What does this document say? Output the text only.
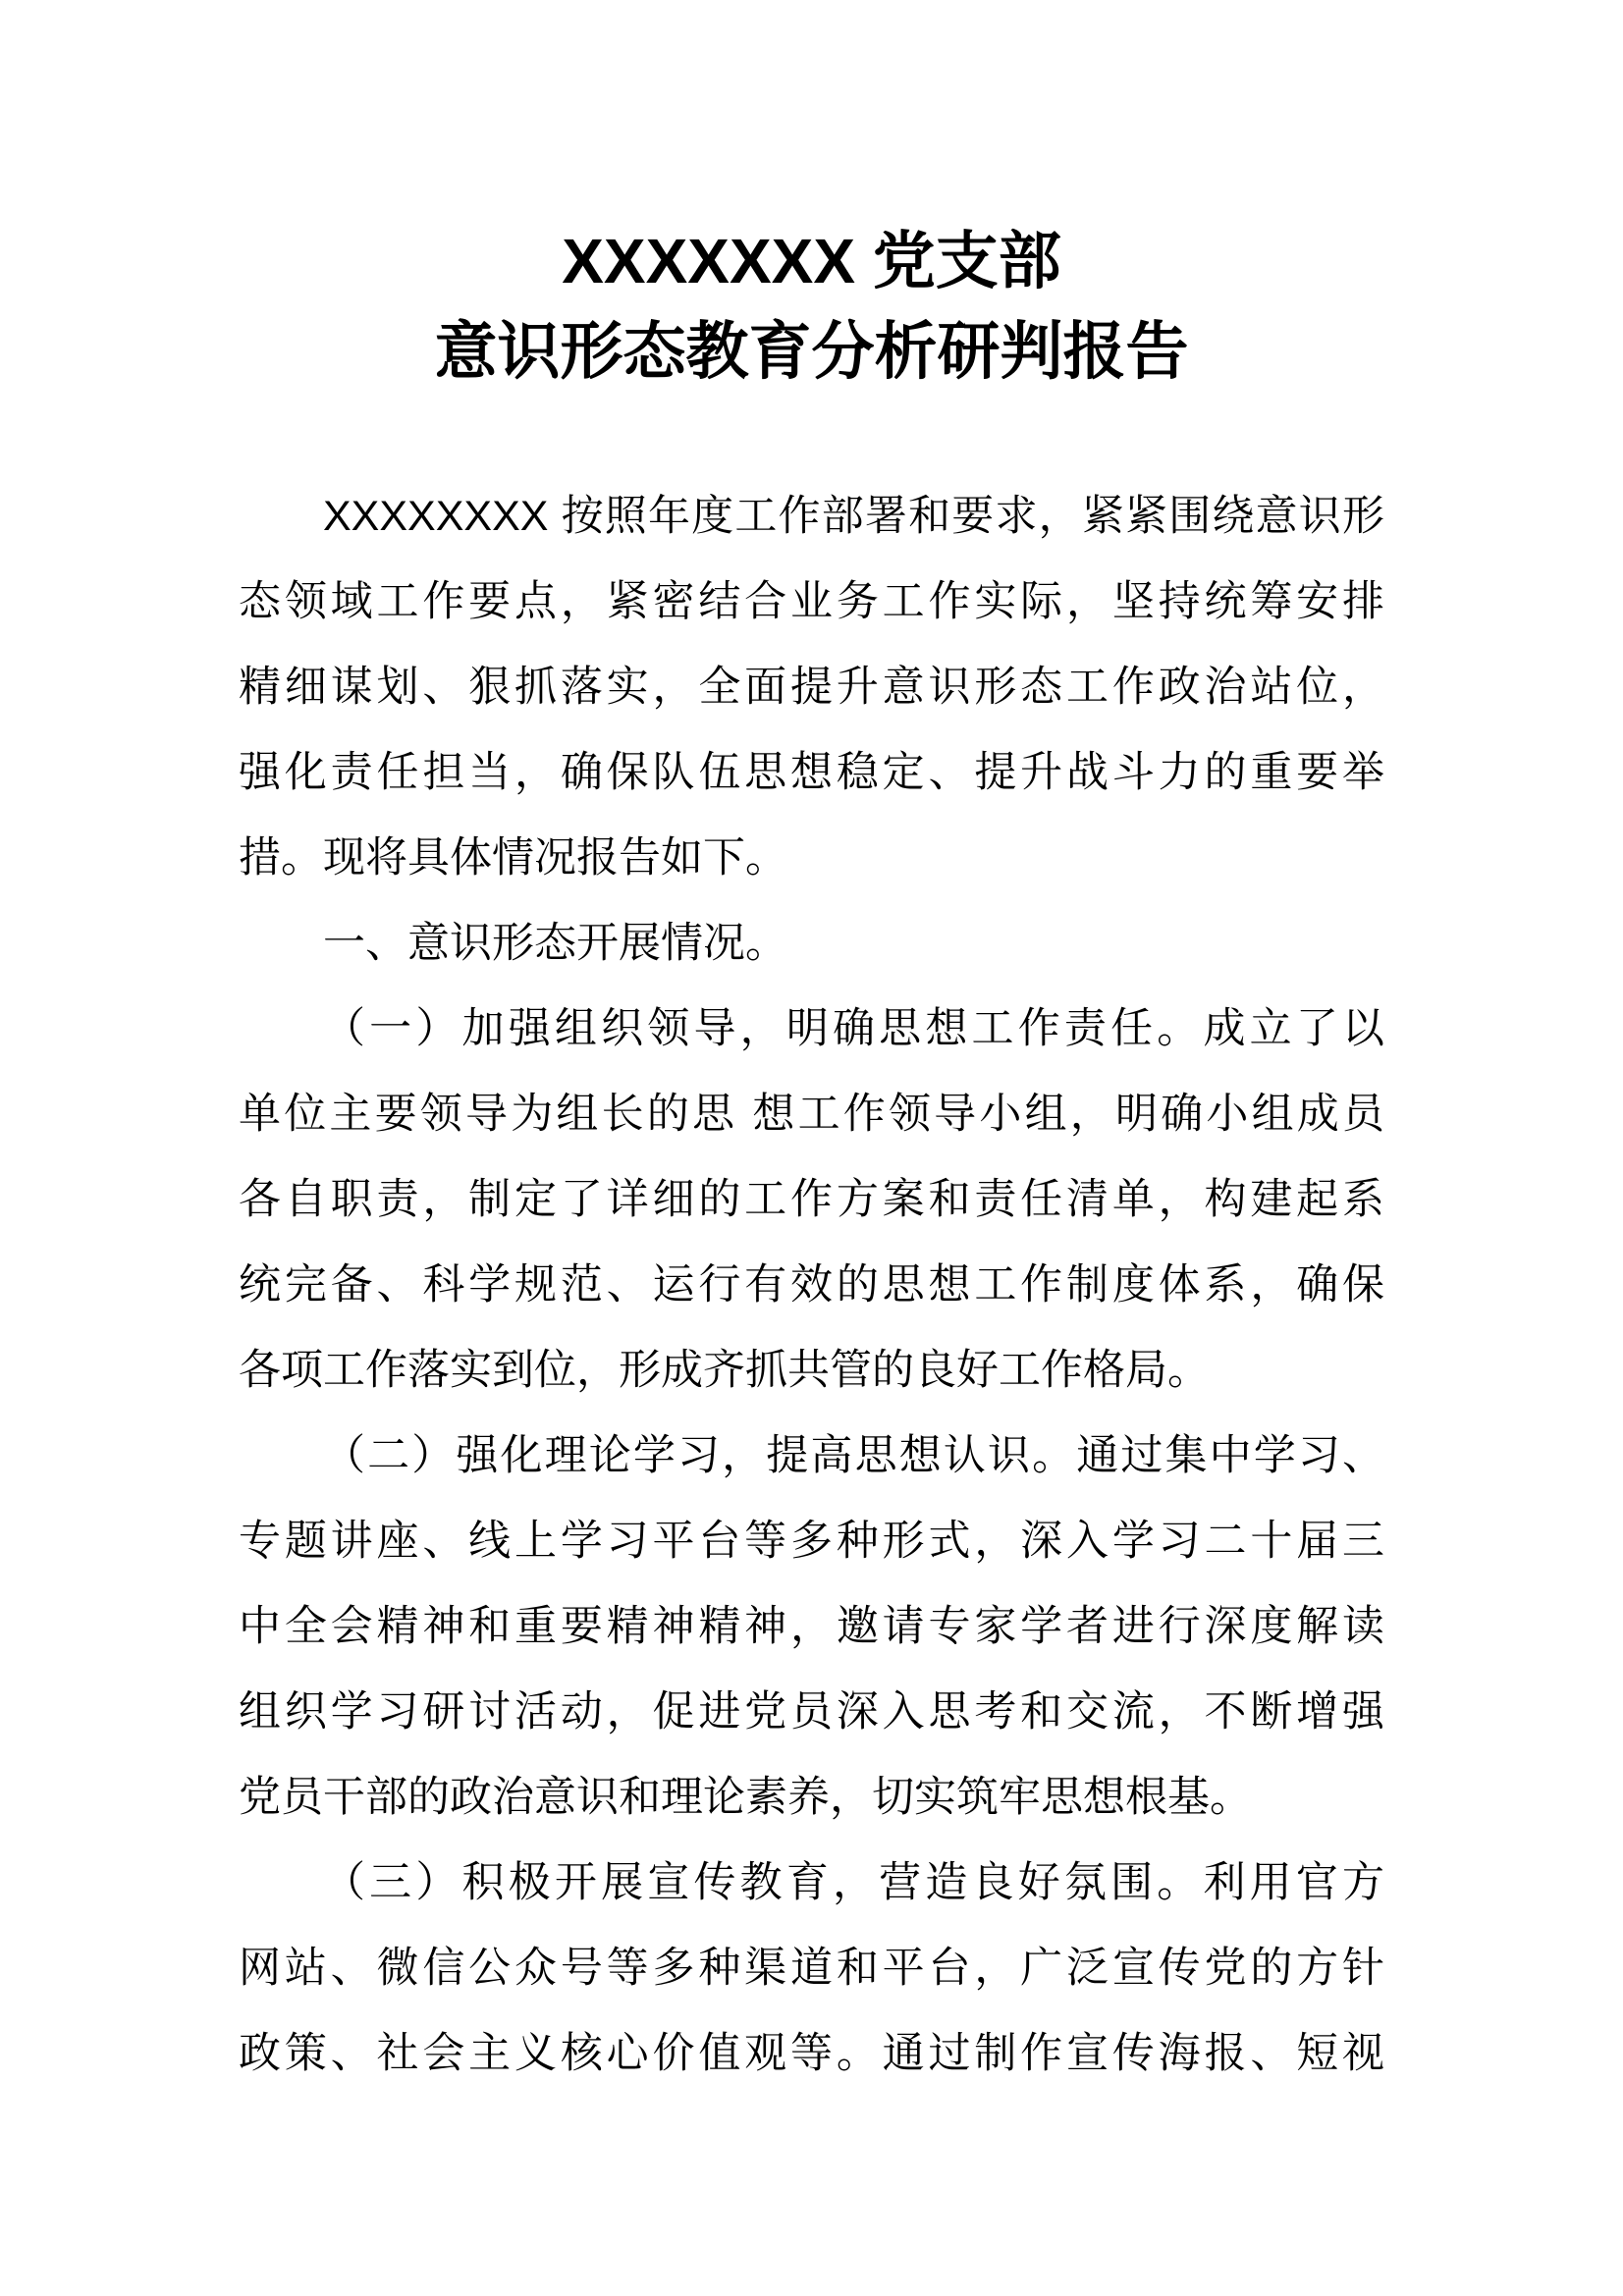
XXXXXXX 党支部
意识形态教育分析研判报告
XXXXXXXX 按照年度工作部署和要求，紧紧围绕意识形
态领域工作要点，紧密结合业务工作实际，坚持统筹安排
精细谋划、狠抓落实，全面提升意识形态工作政治站位，
强化责任担当，确保队伍思想稳定、提升战斗力的重要举
措。现将具体情况报告如下。
一、意识形态开展情况。
（一）加强组织领导，明确思想工作责任。成立了以
单位主要领导为组长的思 想工作领导小组，明确小组成员
各自职责，制定了详细的工作方案和责任清单，构建起系
统完备、科学规范、运行有效的思想工作制度体系，确保
各项工作落实到位，形成齐抓共管的良好工作格局。
（二）强化理论学习，提高思想认识。通过集中学习、
专题讲座、线上学习平台等多种形式，深入学习二十届三
中全会精神和重要精神精神，邀请专家学者进行深度解读
组织学习研讨活动，促进党员深入思考和交流，不断增强
党员干部的政治意识和理论素养，切实筑牢思想根基。
（三）积极开展宣传教育，营造良好氛围。利用官方
网站、微信公众号等多种渠道和平台，广泛宣传党的方针
政策、社会主义核心价值观等。通过制作宣传海报、短视
